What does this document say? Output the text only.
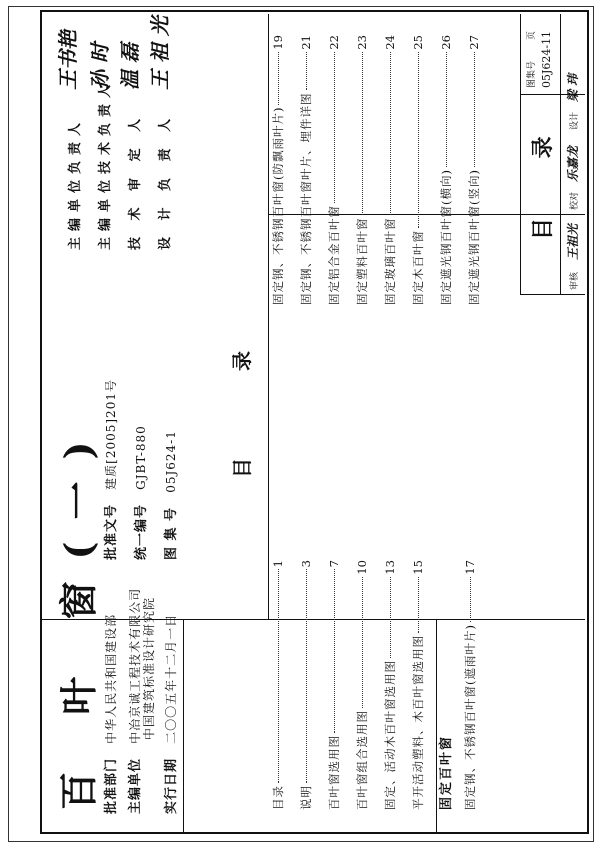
百 叶 窗(一) 批准部门 中华人民共和国建设部
主编单位 中冶京诚工程技术有限公司 中国建筑标准设计研究院
实行日期 二〇〇五年十二月一日
批准文号 建质[2005]201号
统一编号 GJBT-880
图 集 号 05J624-1
主编单位负责人
王书艳
主编单位技术负责人
孙 时
技 术 审 定 人
温 磊
设 计 负 责 人
王 祖 光
目 录
目录
1
说明
3
百叶窗选用图
7
百叶窗组合选用图
10
固定、活动木百叶窗选用图
13
平开活动塑料、木百叶窗选用图
15
固定百叶窗 固定钢、不锈钢百叶窗(遮雨叶片)
17
固定钢、不锈钢百叶窗(防飘雨叶片)
19
固定钢、不锈钢百叶窗叶片、埋件详图
21
固定铝合金百叶窗
22
固定塑料百叶窗
23
固定玻璃百叶窗
24
固定木百叶窗
25
固定遮光钢百叶窗(横向)
26
固定遮光钢百叶窗(竖向)
27
目 录
图集号 05J624-1
页 1
审核
王祖光
校对
乐嘉龙
设计
梁 玮
